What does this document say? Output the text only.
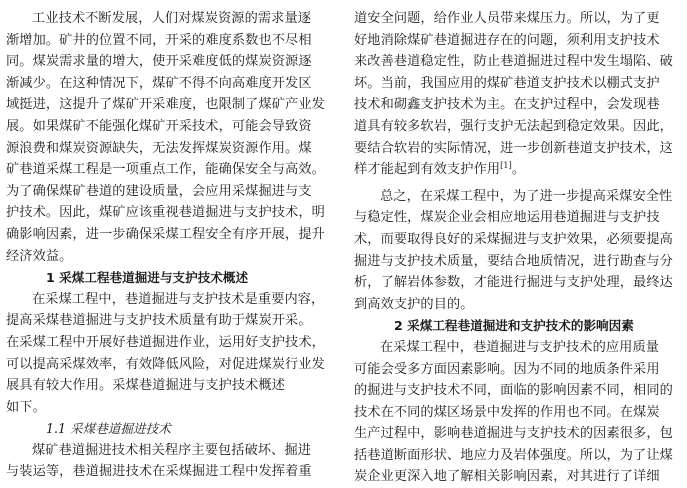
工业技术不断发展，人们对煤炭资源的需求量逐
渐增加。矿井的位置不同，开采的难度系数也不尽相
同。煤炭需求量的增大，使开采难度低的煤炭资源逐
渐减少。在这种情况下，煤矿不得不向高难度开发区
域挺进，这提升了煤矿开采难度，也限制了煤矿产业发
展。如果煤矿不能强化煤矿开采技术，可能会导致资
源浪费和煤炭资源缺失，无法发挥煤炭资源作用。煤
矿巷道采煤工程是一项重点工作，能确保安全与高效。
为了确保煤矿巷道的建设质量，会应用采煤掘进与支
护技术。因此，煤矿应该重视巷道掘进与支护技术，明
确影响因素，进一步确保采煤工程安全有序开展，提升
经济效益。
1 采煤工程巷道掘进与支护技术概述
在采煤工程中，巷道掘进与支护技术是重要内容，
提高采煤巷道掘进与支护技术质量有助于煤炭开采。
在采煤工程中开展好巷道掘进作业，运用好支护技术，
可以提高采煤效率，有效降低风险，对促进煤炭行业发
展具有较大作用。采煤巷道掘进与支护技术概述
如下。
1.1 采煤巷道掘进技术
煤矿巷道掘进技术相关程序主要包括破坏、掘进
与装运等，巷道掘进技术在采煤掘进工程中发挥着重
道安全问题，给作业人员带来煤压力。所以，为了更
好地消除煤矿巷道掘进存在的问题，须利用支护技术
来改善巷道稳定性，防止巷道掘进过程中发生塌陷、破
坏。当前，我国应用的煤矿巷道支护技术以棚式支护
技术和砌鑫支护技术为主。在支护过程中，会发现巷
道具有较多软岩，强行支护无法起到稳定效果。因此，
要结合软岩的实际情况，进一步创新巷道支护技术，这
样才能起到有效支护作用[1]。
总之，在采煤工程中，为了进一步提高采煤安全性
与稳定性，煤炭企业会相应地运用巷道掘进与支护技
术，而要取得良好的采煤掘进与支护效果，必须要提高
掘进与支护技术质量，要结合地质情况，进行勘查与分
析，了解岩体参数，才能进行掘进与支护处理，最终达
到高效支护的目的。
2 采煤工程巷道掘进和支护技术的影响因素
在采煤工程中，巷道掘进与支护技术的应用质量
可能会受多方面因素影响。因为不同的地质条件采用
的掘进与支护技术不同，面临的影响因素不同，相同的
技术在不同的煤区场景中发挥的作用也不同。在煤炭
生产过程中，影响巷道掘进与支护技术的因素很多，包
括巷道断面形状、地应力及岩体强度。所以，为了让煤
炭企业更深入地了解相关影响因素，对其进行了详细
